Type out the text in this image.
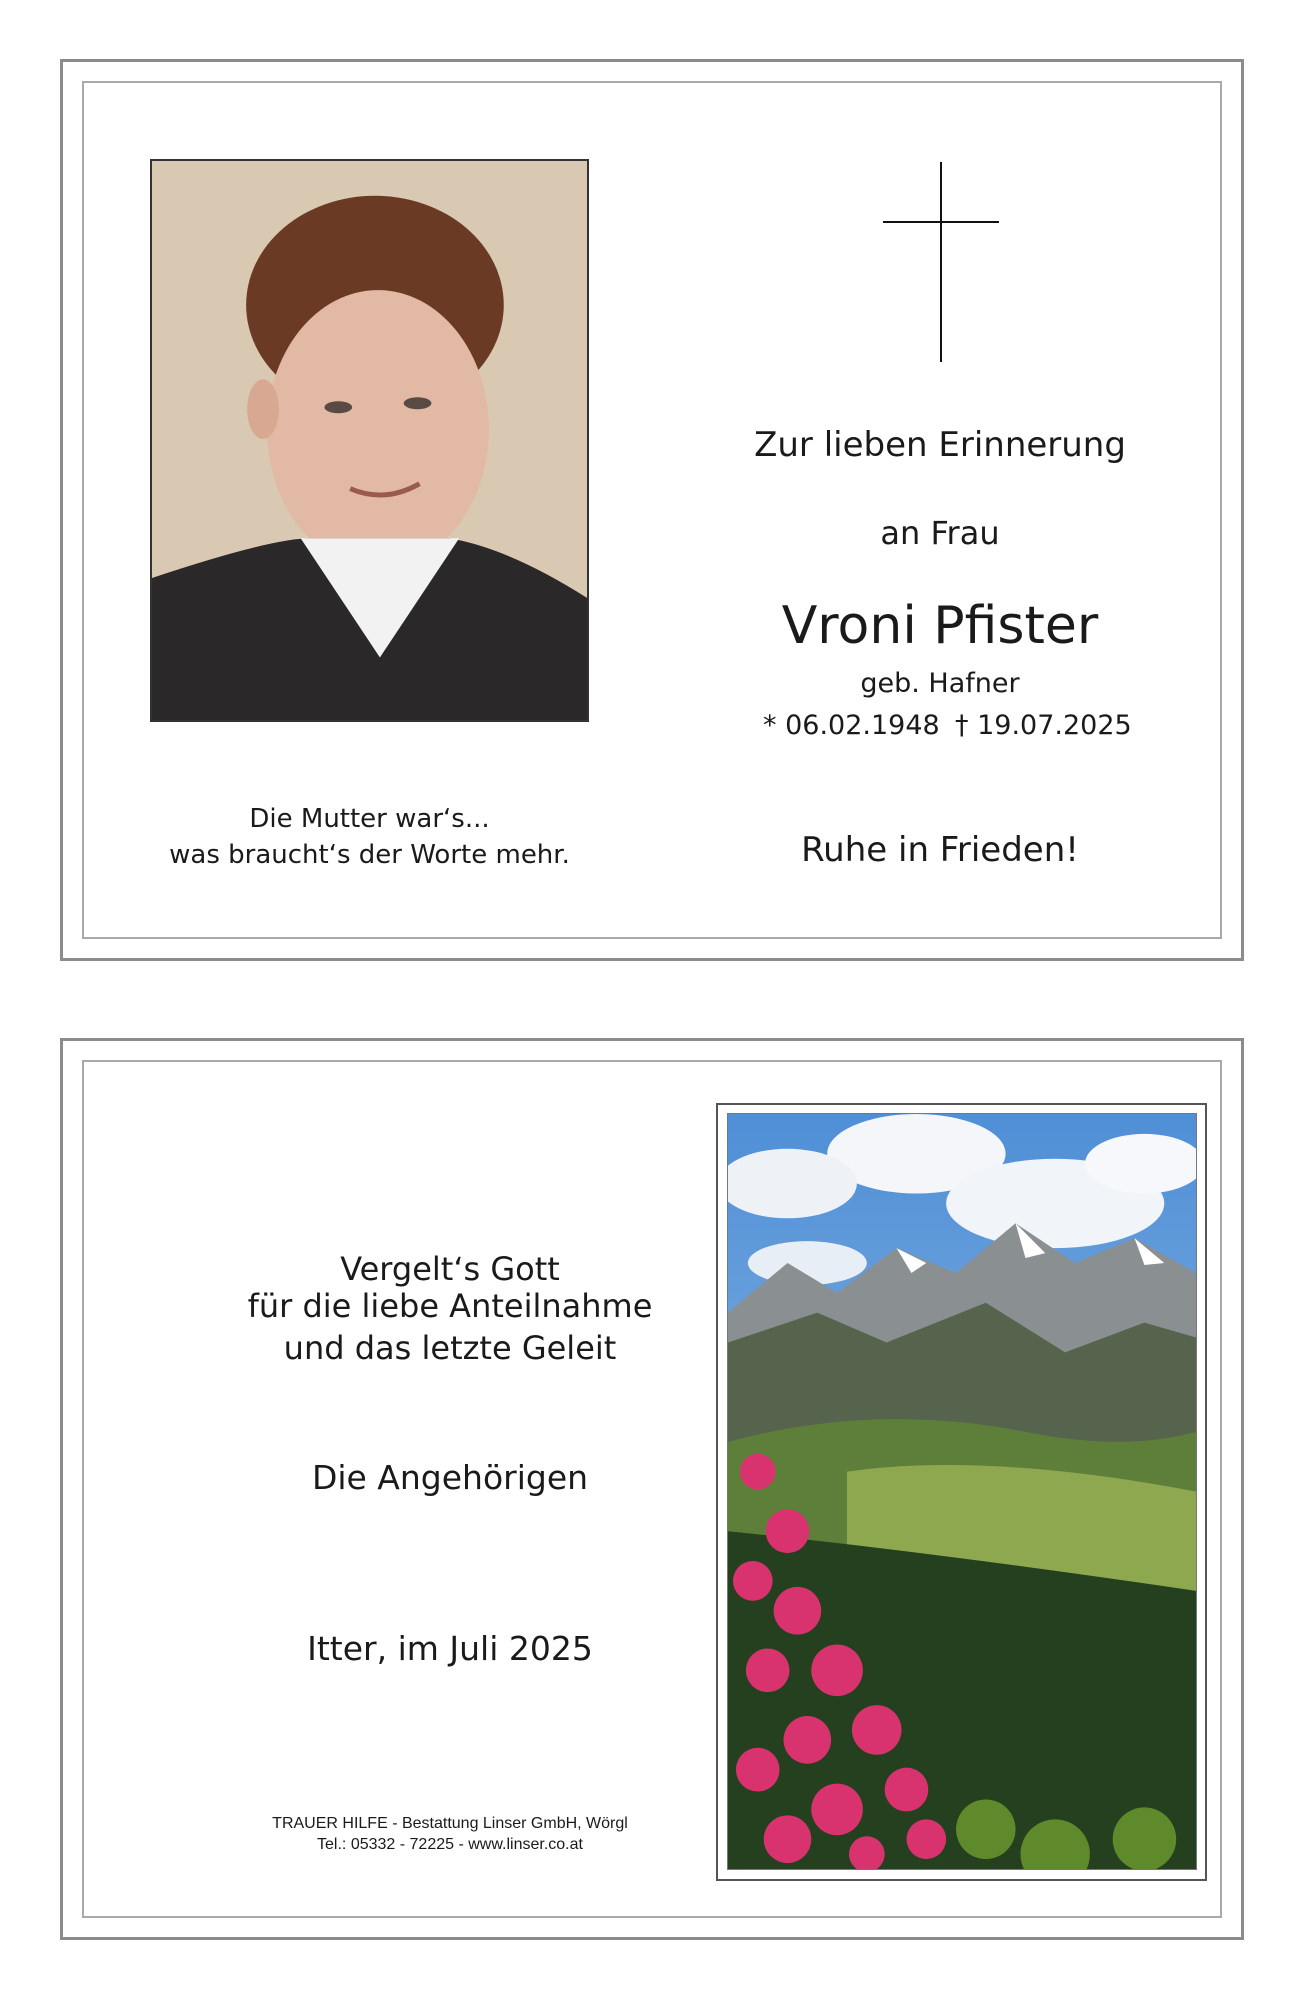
Zur lieben Erinnerung
an Frau
Vroni Pfister
geb. Hafner
* 06.02.1948 † 19.07.2025
Ruhe in Frieden!
Die Mutter war‘s...
was braucht‘s der Worte mehr.
Vergelt‘s Gott
für die liebe Anteilnahme
und das letzte Geleit
Die Angehörigen
Itter, im Juli 2025
TRAUER HILFE - Bestattung Linser GmbH, Wörgl
Tel.: 05332 - 72225 - www.linser.co.at
